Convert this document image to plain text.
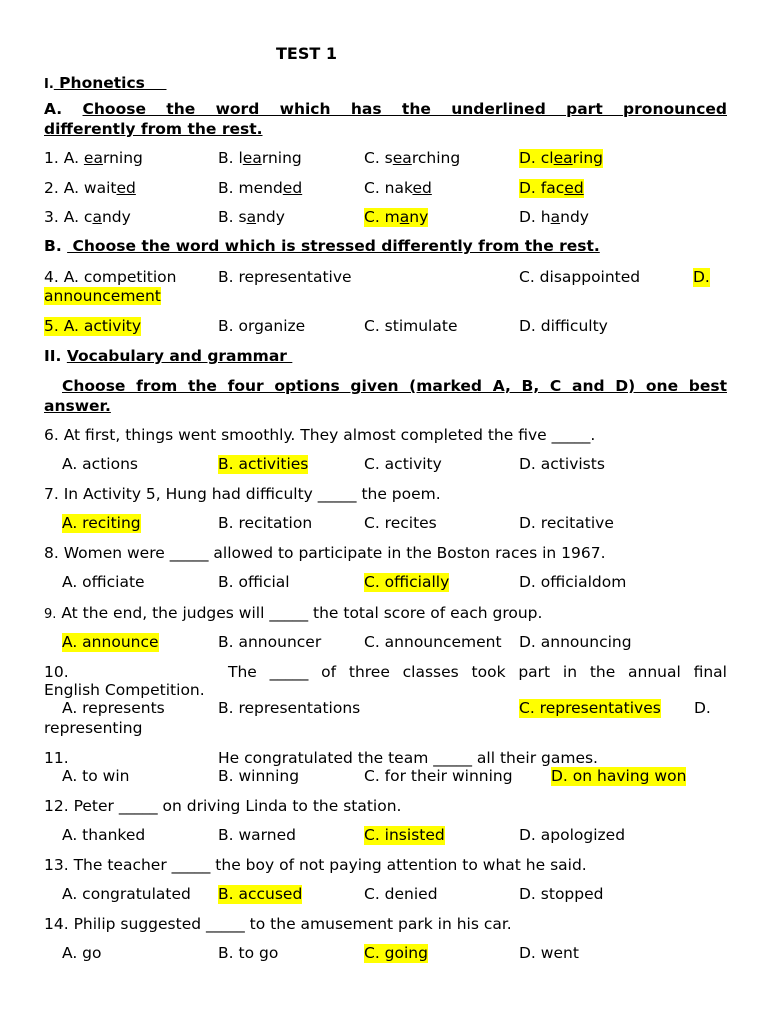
TEST 1
I. Phonetics
A. Choose the word which has the underlined part pronounced
differently from the rest.
1. A. earning	B. learning	C. searching	D. clearing
2. A. waited	B. mended	C. naked	D. faced
3. A. candy	B. sandy	C. many	D. handy
B.  Choose the word which is stressed differently from the rest.
4. A. competition	B. representative	C. disappointed	D.
announcement
5. A. activity	B. organize	C. stimulate	D. difficulty
II. Vocabulary and grammar
Choose from the four options given (marked A, B, C and D) one best
answer.
6. At first, things went smoothly. They almost completed the five _____.
A. actions	B. activities	C. activity	D. activists
7. In Activity 5, Hung had difficulty _____ the poem.
A. reciting	B. recitation	C. recites	D. recitative
8. Women were _____ allowed to participate in the Boston races in 1967.
A. officiate	B. official	C. officially	D. officialdom
9. At the end, the judges will _____ the total score of each group.
A. announce	B. announcer	C. announcement D. announcing
10.	The _____ of three classes took part in the annual final
English Competition.
A. represents	B. representations	C. representatives D.
representing
11.	He congratulated the team _____ all their games.
A. to win	B. winning	C. for their winning D. on having won
12. Peter _____ on driving Linda to the station.
A. thanked	B. warned	C. insisted	D. apologized
13. The teacher _____ the boy of not paying attention to what he said.
A. congratulated B. accused	C. denied	D. stopped
14. Philip suggested _____ to the amusement park in his car.
A. go	B. to go	C. going	D. went
